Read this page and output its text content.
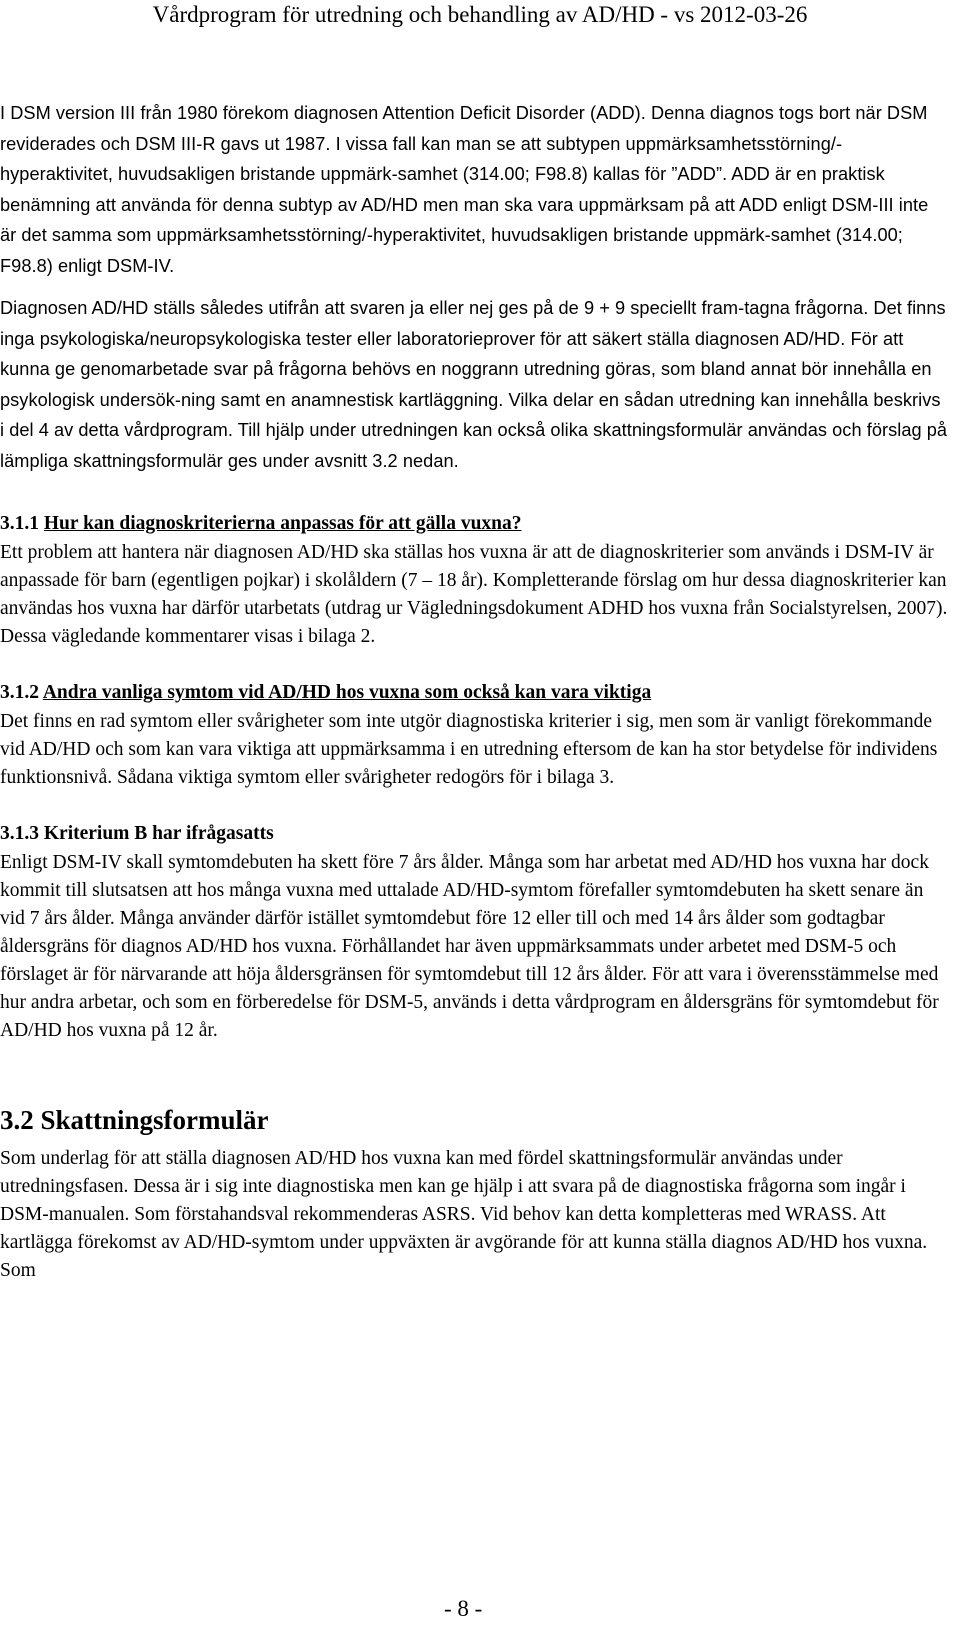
Vårdprogram för utredning och behandling av AD/HD - vs 2012-03-26

I DSM version III från 1980 förekom diagnosen Attention Deficit Disorder (ADD). Denna diagnos togs bort när DSM reviderades och DSM III-R gavs ut 1987. I vissa fall kan man se att subtypen uppmärksamhetsstörning/-hyperaktivitet, huvudsakligen bristande uppmärk-samhet (314.00; F98.8) kallas för ”ADD”. ADD är en praktisk benämning att använda för denna subtyp av AD/HD men man ska vara uppmärksam på att ADD enligt DSM-III inte är det samma som uppmärksamhetsstörning/-hyperaktivitet, huvudsakligen bristande uppmärk-samhet (314.00; F98.8) enligt DSM-IV.

Diagnosen AD/HD ställs således utifrån att svaren ja eller nej ges på de 9 + 9 speciellt fram-tagna frågorna. Det finns inga psykologiska/neuropsykologiska tester eller laboratorieprover för att säkert ställa diagnosen AD/HD. För att kunna ge genomarbetade svar på frågorna behövs en noggrann utredning göras, som bland annat bör innehålla en psykologisk undersök-ning samt en anamnestisk kartläggning. Vilka delar en sådan utredning kan innehålla beskrivs i del 4 av detta vårdprogram. Till hjälp under utredningen kan också olika skattningsformulär användas och förslag på lämpliga skattningsformulär ges under avsnitt 3.2 nedan.

3.1.1 Hur kan diagnoskriterierna anpassas för att gälla vuxna?

Ett problem att hantera när diagnosen AD/HD ska ställas hos vuxna är att de diagnoskriterier som används i DSM-IV är anpassade för barn (egentligen pojkar) i skolåldern (7 – 18 år). Kompletterande förslag om hur dessa diagnoskriterier kan användas hos vuxna har därför utarbetats (utdrag ur Vägledningsdokument ADHD hos vuxna från Socialstyrelsen, 2007). Dessa vägledande kommentarer visas i bilaga 2.

3.1.2 Andra vanliga symtom vid AD/HD hos vuxna som också kan vara viktiga

Det finns en rad symtom eller svårigheter som inte utgör diagnostiska kriterier i sig, men som är vanligt förekommande vid AD/HD och som kan vara viktiga att uppmärksamma i en utredning eftersom de kan ha stor betydelse för individens funktionsnivå. Sådana viktiga symtom eller svårigheter redogörs för i bilaga 3.

3.1.3 Kriterium B har ifrågasatts

Enligt DSM-IV skall symtomdebuten ha skett före 7 års ålder. Många som har arbetat med AD/HD hos vuxna har dock kommit till slutsatsen att hos många vuxna med uttalade AD/HD-symtom förefaller symtomdebuten ha skett senare än vid 7 års ålder. Många använder därför istället symtomdebut före 12 eller till och med 14 års ålder som godtagbar åldersgräns för diagnos AD/HD hos vuxna. Förhållandet har även uppmärksammats under arbetet med DSM-5 och förslaget är för närvarande att höja åldersgränsen för symtomdebut till 12 års ålder. För att vara i överensstämmelse med hur andra arbetar, och som en förberedelse för DSM-5, används i detta vårdprogram en åldersgräns för symtomdebut för AD/HD hos vuxna på 12 år.

3.2 Skattningsformulär

Som underlag för att ställa diagnosen AD/HD hos vuxna kan med fördel skattningsformulär användas under utredningsfasen. Dessa är i sig inte diagnostiska men kan ge hjälp i att svara på de diagnostiska frågorna som ingår i DSM-manualen. Som förstahandsval rekommenderas ASRS. Vid behov kan detta kompletteras med WRASS. Att kartlägga förekomst av AD/HD-symtom under uppväxten är avgörande för att kunna ställa diagnos AD/HD hos vuxna. Som

- 8 -
